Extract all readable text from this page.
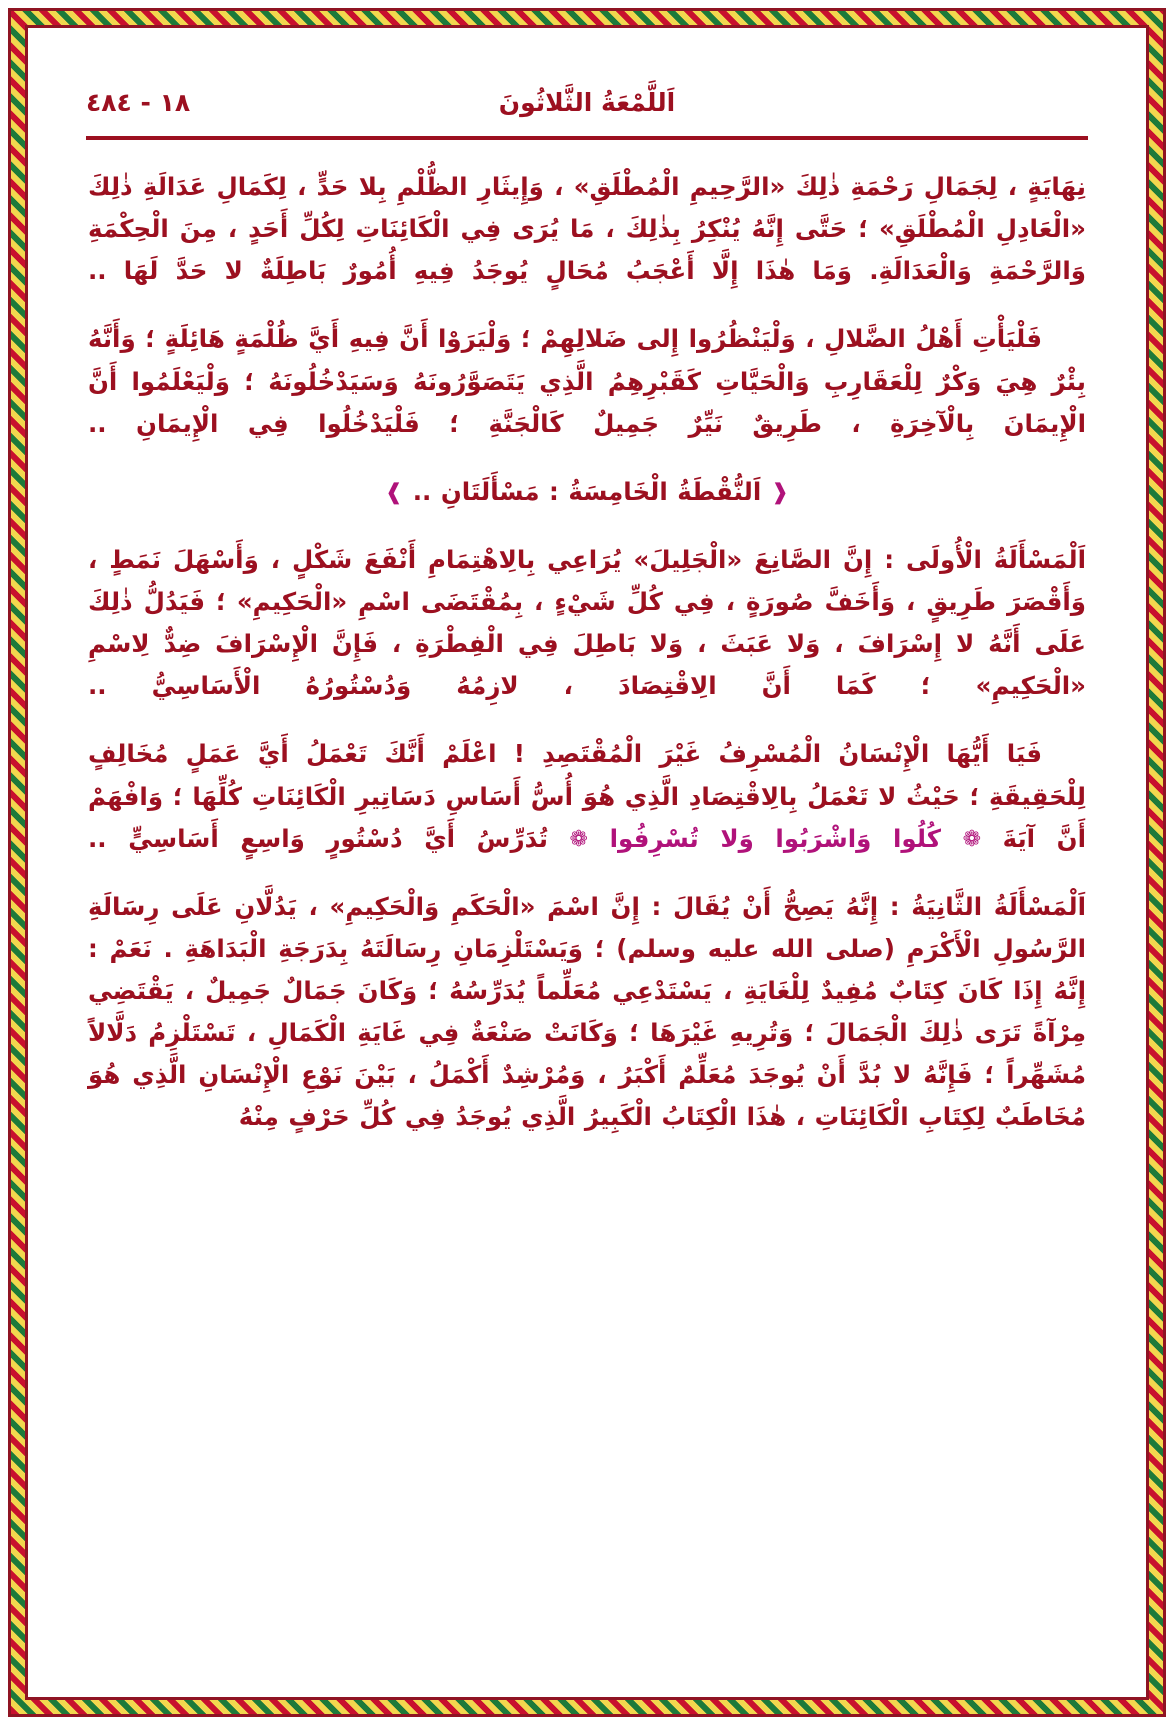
١٨ - ٤٨٤	اَللَّمْعَةُ الثَّلاثُونَ

نِهَايَةٍ ، لِجَمَالِ رَحْمَةِ ذٰلِكَ «الرَّحِيمِ الْمُطْلَقِ» ، وَإِيثَارِ الظُّلْمِ بِلا حَدٍّ ، لِكَمَالِ عَدَالَةِ ذٰلِكَ «الْعَادِلِ الْمُطْلَقِ» ؛ حَتَّى إِنَّهُ يُنْكِرُ بِذٰلِكَ ، مَا يُرَى فِي الْكَائِنَاتِ لِكُلِّ أَحَدٍ ، مِنَ الْحِكْمَةِ وَالرَّحْمَةِ وَالْعَدَالَةِ. وَمَا هٰذَا إِلَّا أَعْجَبُ مُحَالٍ يُوجَدُ فِيهِ أُمُورٌ بَاطِلَةٌ لا حَدَّ لَهَا ..

فَلْيَأْتِ أَهْلُ الضَّلالِ ، وَلْيَنْظُرُوا إِلى ضَلالِهِمْ ؛ وَلْيَرَوْا أَنَّ فِيهِ أَيَّ ظُلْمَةٍ هَائِلَةٍ ؛ وَأَنَّهُ بِئْرٌ هِيَ وَكْرٌ لِلْعَقَارِبِ وَالْحَيَّاتِ كَقَبْرِهِمُ الَّذِي يَتَصَوَّرُونَهُ وَسَيَدْخُلُونَهُ ؛ وَلْيَعْلَمُوا أَنَّ الْإِيمَانَ بِالْآخِرَةِ ، طَرِيقٌ نَيِّرٌ جَمِيلٌ كَالْجَنَّةِ ؛ فَلْيَدْخُلُوا فِي الْإِيمَانِ ..

❰ اَلنُّقْطَةُ الْخَامِسَةُ : مَسْأَلَتَانِ .. ❱

اَلْمَسْأَلَةُ الْأُولَى : إِنَّ الصَّانِعَ «الْجَلِيلَ» يُرَاعِي بِالِاهْتِمَامِ أَنْفَعَ شَكْلٍ ، وَأَسْهَلَ نَمَطٍ ، وَأَقْصَرَ طَرِيقٍ ، وَأَخَفَّ صُورَةٍ ، فِي كُلِّ شَيْءٍ ، بِمُقْتَضَى اسْمِ «الْحَكِيمِ» ؛ فَيَدُلُّ ذٰلِكَ عَلَى أَنَّهُ لا إِسْرَافَ ، وَلا عَبَثَ ، وَلا بَاطِلَ فِي الْفِطْرَةِ ، فَإِنَّ الْإِسْرَافَ ضِدٌّ لِاسْمِ «الْحَكِيمِ» ؛ كَمَا أَنَّ الِاقْتِصَادَ ، لازِمُهُ وَدُسْتُورُهُ الْأَسَاسِيُّ ..

فَيَا أَيُّهَا الْإِنْسَانُ الْمُسْرِفُ غَيْرَ الْمُقْتَصِدِ ! اعْلَمْ أَنَّكَ تَعْمَلُ أَيَّ عَمَلٍ مُخَالِفٍ لِلْحَقِيقَةِ ؛ حَيْثُ لا تَعْمَلُ بِالِاقْتِصَادِ الَّذِي هُوَ أُسُّ أَسَاسِ دَسَاتِيرِ الْكَائِنَاتِ كُلِّهَا ؛ وَافْهَمْ أَنَّ آيَةَ ❁ كُلُوا وَاشْرَبُوا وَلا تُسْرِفُوا ❁ تُدَرِّسُ أَيَّ دُسْتُورٍ وَاسِعٍ أَسَاسِيٍّ ..

اَلْمَسْأَلَةُ الثَّانِيَةُ : إِنَّهُ يَصِحُّ أَنْ يُقَالَ : إِنَّ اسْمَ «الْحَكَمِ وَالْحَكِيمِ» ، يَدُلَّانِ عَلَى رِسَالَةِ الرَّسُولِ الْأَكْرَمِ (صلى الله عليه وسلم) ؛ وَيَسْتَلْزِمَانِ رِسَالَتَهُ بِدَرَجَةِ الْبَدَاهَةِ . نَعَمْ : إِنَّهُ إِذَا كَانَ كِتَابٌ مُفِيدٌ لِلْغَايَةِ ، يَسْتَدْعِي مُعَلِّماً يُدَرِّسُهُ ؛ وَكَانَ جَمَالٌ جَمِيلٌ ، يَقْتَضِي مِرْآةً تَرَى ذٰلِكَ الْجَمَالَ ؛ وَتُرِيهِ غَيْرَهَا ؛ وَكَانَتْ صَنْعَةٌ فِي غَايَةِ الْكَمَالِ ، تَسْتَلْزِمُ دَلَّالاً مُشَهِّراً ؛ فَإِنَّهُ لا بُدَّ أَنْ يُوجَدَ مُعَلِّمٌ أَكْبَرُ ، وَمُرْشِدٌ أَكْمَلُ ، بَيْنَ نَوْعِ الْإِنْسَانِ الَّذِي هُوَ مُخَاطَبٌ لِكِتَابِ الْكَائِنَاتِ ، هٰذَا الْكِتَابُ الْكَبِيرُ الَّذِي يُوجَدُ فِي كُلِّ حَرْفٍ مِنْهُ
